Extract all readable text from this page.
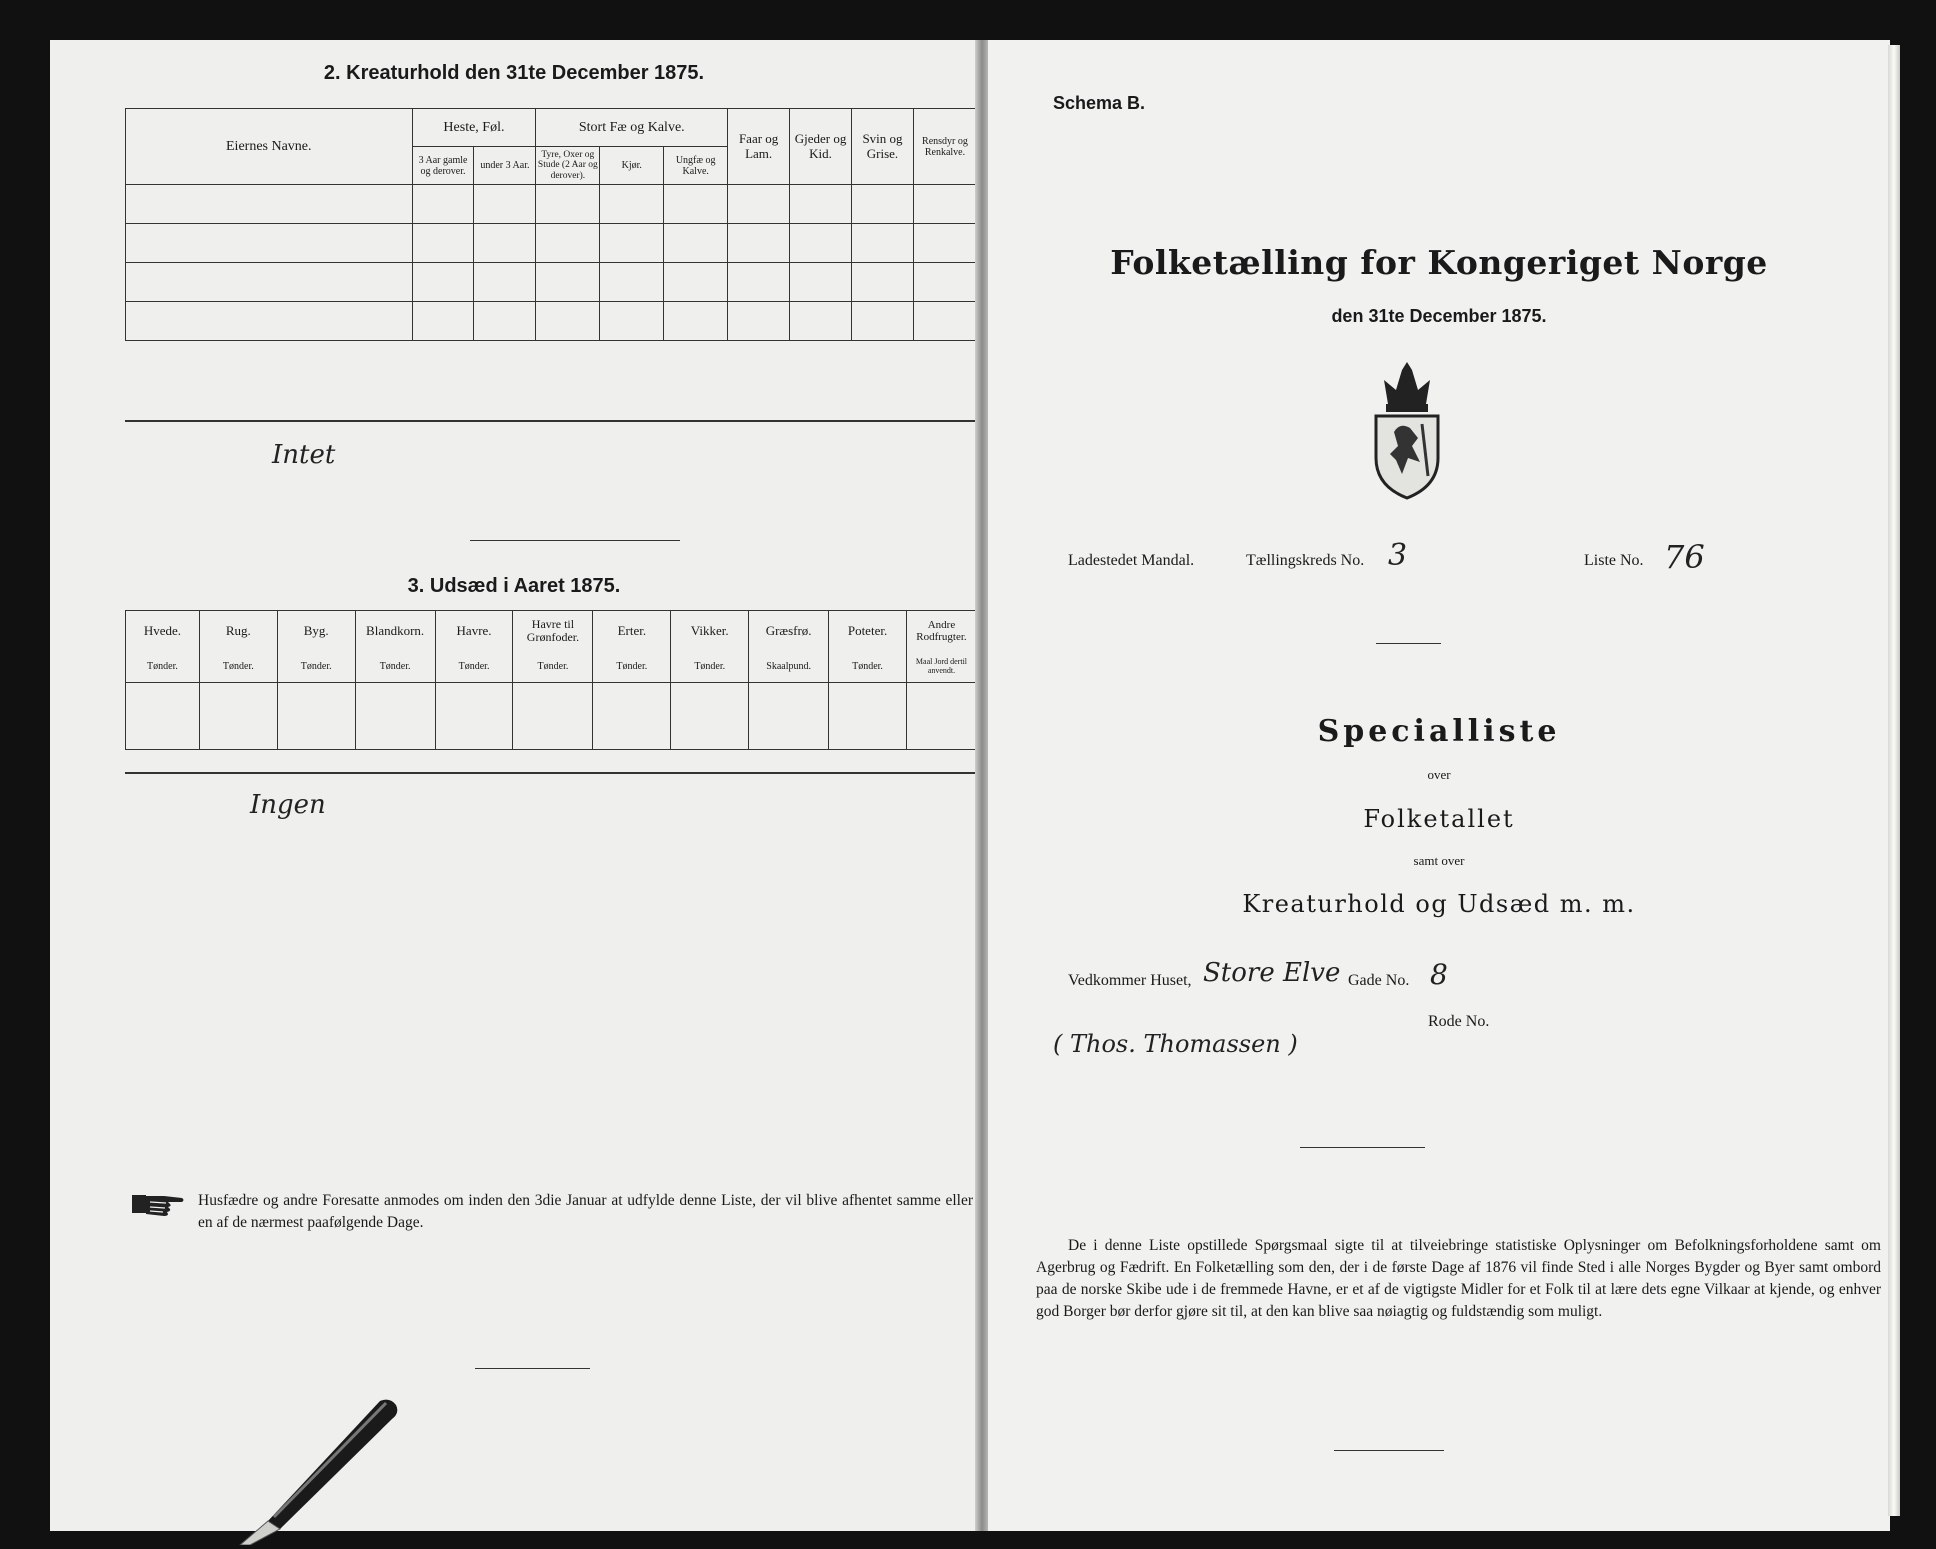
2. Kreaturhold den 31te December 1875.
Eiernes Navne.	Heste, Føl.		Stort Fæ og Kalve.			Faar og Lam.	Gjeder og Kid.	Svin og Grise.	Rensdyr og Renkalve.
	3 Aar gamle og derover.	under 3 Aar.	Tyre, Oxer og Stude (2 Aar og derover).	Kjør.	Ungfæ og Kalve.				

Intet
3. Udsæd i Aaret 1875.
Hvede.	Rug.	Byg.	Blandkorn.	Havre.	Havre til Grønfoder.	Erter.	Vikker.	Græsfrø.	Poteter.	Andre Rodfrugter.
Tønder.	Tønder.	Tønder.	Tønder.	Tønder.	Tønder.	Tønder.	Tønder.	Skaalpund.	Tønder.	Maal Jord dertil anvendt.

Ingen
Husfædre og andre Foresatte anmodes om inden den 3die Januar at udfylde denne Liste, der vil blive afhentet samme eller en af de nærmest paafølgende Dage.
Schema B.
Folketælling for Kongeriget Norge
den 31te December 1875.
Ladestedet Mandal.	Tællingskreds No. 3	Liste No. 76
Specialliste
over
Folketallet
samt over
Kreaturhold og Udsæd m. m.
Vedkommer Huset, Store Elve Gade No. 8
Rode No.
( Thos. Thomassen )
De i denne Liste opstillede Spørgsmaal sigte til at tilveiebringe statistiske Oplysninger om Befolkningsforholdene samt om Agerbrug og Fædrift. En Folketælling som den, der i de første Dage af 1876 vil finde Sted i alle Norges Bygder og Byer samt ombord paa de norske Skibe ude i de fremmede Havne, er et af de vigtigste Midler for et Folk til at lære dets egne Vilkaar at kjende, og enhver god Borger bør derfor gjøre sit til, at den kan blive saa nøiagtig og fuldstændig som muligt.
